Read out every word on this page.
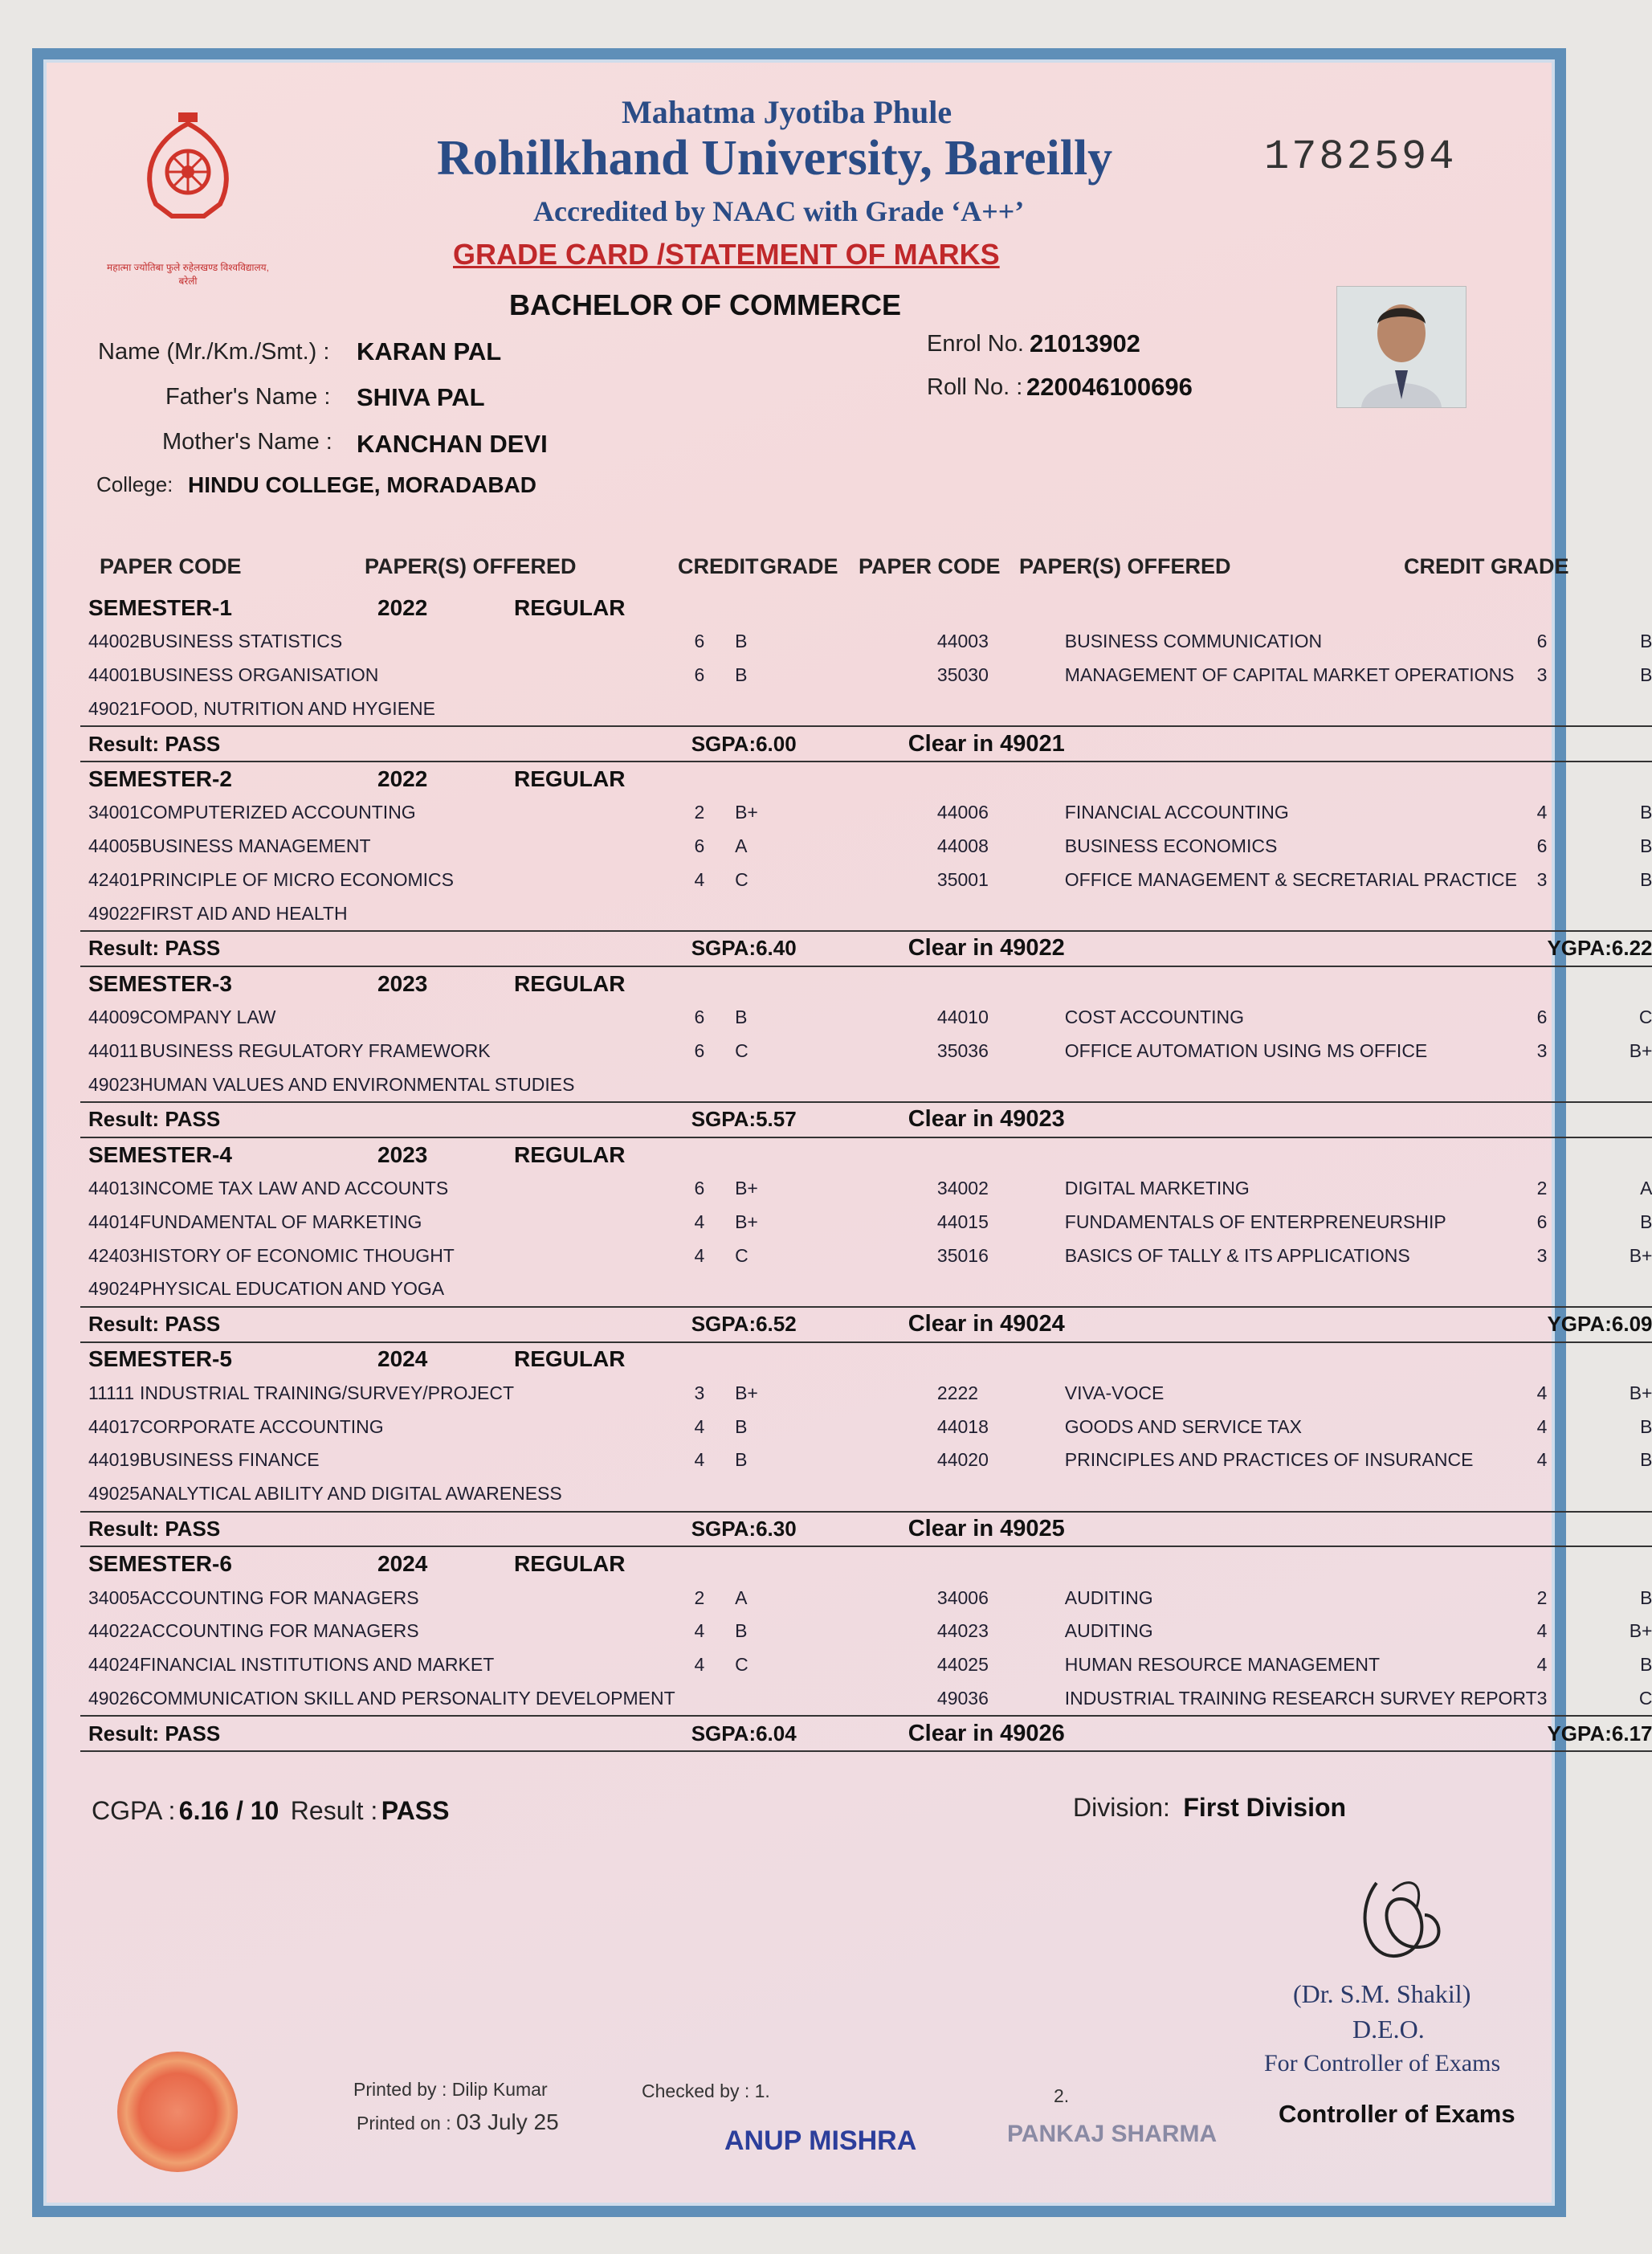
महात्मा ज्योतिबा फुले रुहेलखण्ड विश्वविद्यालय, बरेली
Mahatma Jyotiba Phule
Rohilkhand University, Bareilly
Accredited by NAAC with Grade ‘A++’
1782594
GRADE CARD /STATEMENT OF MARKS
BACHELOR OF COMMERCE
Name (Mr./Km./Smt.) : KARAN PAL
Father's Name : SHIVA PAL
Mother's Name : KANCHAN DEVI
College: HINDU COLLEGE, MORADABAD
Enrol No. 21013902
Roll No. : 220046100696
PAPER CODE	PAPER(S) OFFERED	CREDIT GRADE PAPER CODE PAPER(S) OFFERED	CREDIT GRADE
SEMESTER-1 2022 REGULAR							
44002	BUSINESS STATISTICS	6	B	44003	BUSINESS COMMUNICATION	6	B
44001	BUSINESS ORGANISATION	6	B	35030	MANAGEMENT OF CAPITAL MARKET OPERATIONS	3	B
49021	FOOD, NUTRITION AND HYGIENE						
Result: PASS		SGPA:6.00 Clear in 49021					
SEMESTER-2 2022 REGULAR							
34001	COMPUTERIZED ACCOUNTING	2	B+	44006	FINANCIAL ACCOUNTING	4	B
44005	BUSINESS MANAGEMENT	6	A	44008	BUSINESS ECONOMICS	6	B
42401	PRINCIPLE OF MICRO ECONOMICS	4	C	35001	OFFICE MANAGEMENT & SECRETARIAL PRACTICE	3	B
49022	FIRST AID AND HEALTH						
Result: PASS		SGPA:6.40 Clear in 49022					YGPA:6.22
SEMESTER-3 2023 REGULAR							
44009	COMPANY LAW	6	B	44010	COST ACCOUNTING	6	C
44011	BUSINESS REGULATORY FRAMEWORK	6	C	35036	OFFICE AUTOMATION USING MS OFFICE	3	B+
49023	HUMAN VALUES AND ENVIRONMENTAL STUDIES						
Result: PASS		SGPA:5.57 Clear in 49023					
SEMESTER-4 2023 REGULAR							
44013	INCOME TAX LAW AND ACCOUNTS	6	B+	34002	DIGITAL MARKETING	2	A
44014	FUNDAMENTAL OF MARKETING	4	B+	44015	FUNDAMENTALS OF ENTERPRENEURSHIP	6	B
42403	HISTORY OF ECONOMIC THOUGHT	4	C	35016	BASICS OF TALLY & ITS APPLICATIONS	3	B+
49024	PHYSICAL EDUCATION AND YOGA						
Result: PASS		SGPA:6.52 Clear in 49024					YGPA:6.09
SEMESTER-5 2024 REGULAR							
11111	INDUSTRIAL TRAINING/SURVEY/PROJECT	3	B+	2222	VIVA-VOCE	4	B+
44017	CORPORATE ACCOUNTING	4	B	44018	GOODS AND SERVICE TAX	4	B
44019	BUSINESS FINANCE	4	B	44020	PRINCIPLES AND PRACTICES OF INSURANCE	4	B
49025	ANALYTICAL ABILITY AND DIGITAL AWARENESS						
Result: PASS		SGPA:6.30 Clear in 49025					
SEMESTER-6 2024 REGULAR							
34005	ACCOUNTING FOR MANAGERS	2	A	34006	AUDITING	2	B
44022	ACCOUNTING FOR MANAGERS	4	B	44023	AUDITING	4	B+
44024	FINANCIAL INSTITUTIONS AND MARKET	4	C	44025	HUMAN RESOURCE MANAGEMENT	4	B
49026	COMMUNICATION SKILL AND PERSONALITY DEVELOPMENT			49036	INDUSTRIAL TRAINING RESEARCH SURVEY REPORT	3	C
Result: PASS		SGPA:6.04 Clear in 49026					YGPA:6.17
CGPA : 6.16 / 10 Result : PASS	Division: First Division
(Dr. S.M. Shakil)
D.E.O.
For Controller of Exams
Controller of Exams
Printed by : Dilip Kumar
Printed on : 03 July 25
Checked by : 1.
ANUP MISHRA
2.
PANKAJ SHARMA
